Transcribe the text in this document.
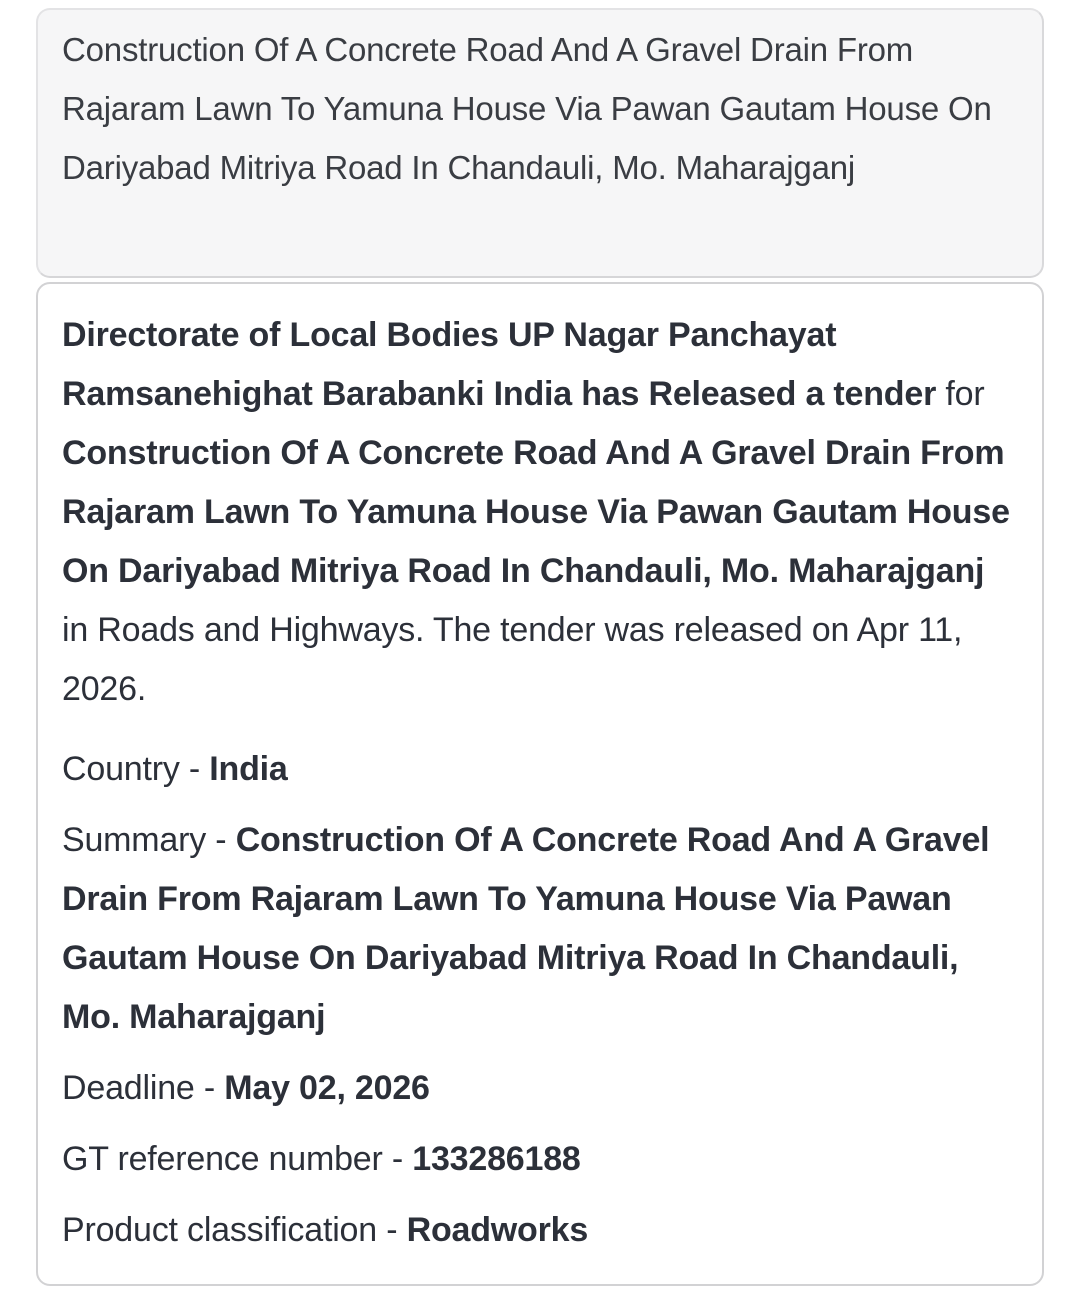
Construction Of A Concrete Road And A Gravel Drain From Rajaram Lawn To Yamuna House Via Pawan Gautam House On Dariyabad Mitriya Road In Chandauli, Mo. Maharajganj

Directorate of Local Bodies UP Nagar Panchayat Ramsanehighat Barabanki India has Released a tender for Construction Of A Concrete Road And A Gravel Drain From Rajaram Lawn To Yamuna House Via Pawan Gautam House On Dariyabad Mitriya Road In Chandauli, Mo. Maharajganj in Roads and Highways. The tender was released on Apr 11, 2026.

Country - India

Summary - Construction Of A Concrete Road And A Gravel Drain From Rajaram Lawn To Yamuna House Via Pawan Gautam House On Dariyabad Mitriya Road In Chandauli, Mo. Maharajganj

Deadline - May 02, 2026

GT reference number - 133286188

Product classification - Roadworks
